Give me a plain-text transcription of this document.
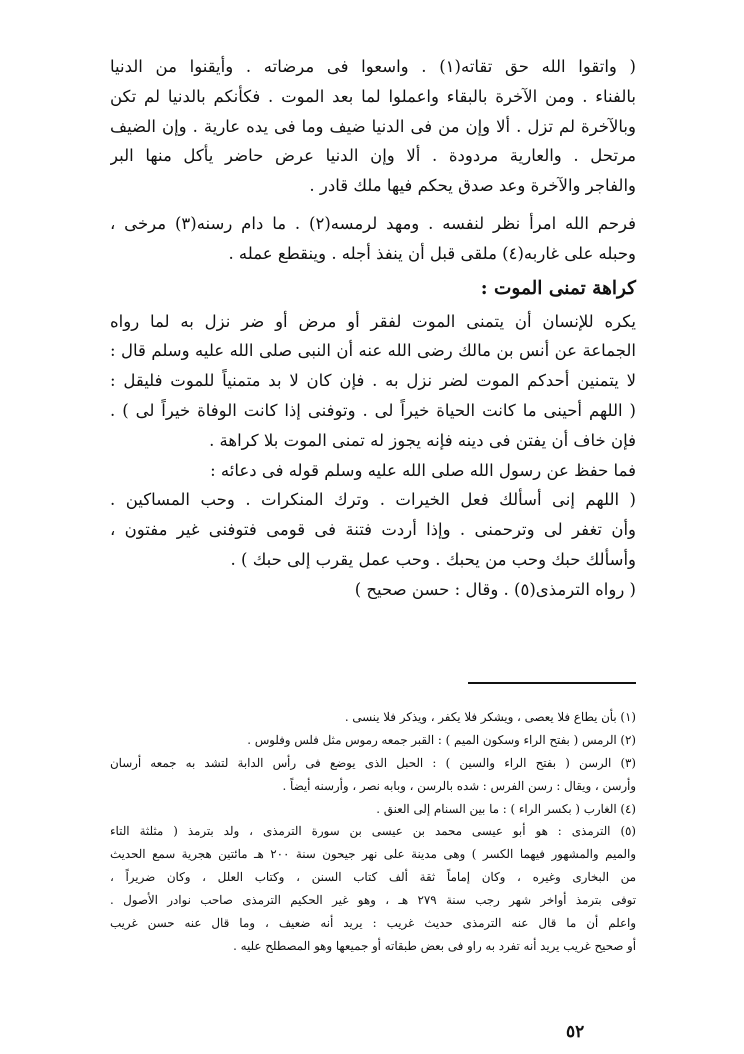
( واتقوا الله حق تقاته(١) . واسعوا فى مرضاته . وأيقنوا من الدنيا
بالفناء . ومن الآخرة بالبقاء واعملوا لما بعد الموت . فكأنكم بالدنيا لم تكن
وبالآخرة لم تزل . ألا وإن من فى الدنيا ضيف وما فى يده عارية . وإن الضيف
مرتحل . والعارية مردودة . ألا وإن الدنيا عرض حاضر يأكل منها البر
والفاجر والآخرة وعد صدق يحكم فيها ملك قادر .
فرحم الله امرأ نظر لنفسه . ومهد لرمسه(٢) . ما دام رسنه(٣) مرخى ،
وحبله على غاربه(٤) ملقى قبل أن ينفذ أجله . وينقطع عمله .
كراهة تمنى الموت :
يكره للإنسان أن يتمنى الموت لفقر أو مرض أو ضر نزل به لما رواه
الجماعة عن أنس بن مالك رضى الله عنه أن النبى صلى الله عليه وسلم قال :
لا يتمنين أحدكم الموت لضر نزل به . فإن كان لا بد متمنياً للموت فليقل :
( اللهم أحينى ما كانت الحياة خيراً لى . وتوفنى إذا كانت الوفاة خيراً لى ) .
فإن خاف أن يفتن فى دينه فإنه يجوز له تمنى الموت بلا كراهة .
فما حفظ عن رسول الله صلى الله عليه وسلم قوله فى دعائه :
( اللهم إنى أسألك فعل الخيرات . وترك المنكرات . وحب المساكين .
وأن تغفر لى وترحمنى . وإذا أردت فتنة فى قومى فتوفنى غير مفتون ،
وأسألك حبك وحب من يحبك . وحب عمل يقرب إلى حبك ) .
( رواه الترمذى(٥) . وقال : حسن صحيح )
(١) بأن يطاع فلا يعصى ، ويشكر فلا يكفر ، ويذكر فلا ينسى .
(٢) الرمس ( بفتح الراء وسكون الميم ) : القبر جمعه رموس مثل فلس وفلوس .
(٣) الرسن ( بفتح الراء والسين ) : الحبل الذى يوضع فى رأس الدابة لتشد به جمعه أرسان
وأرسن ، ويقال : رسن الفرس : شده بالرسن ، وبابه نصر ، وأرسنه أيضاً .
(٤) الغارب ( بكسر الراء ) : ما بين السنام إلى العنق .
(٥) الترمذى : هو أبو عيسى محمد بن عيسى بن سورة الترمذى ، ولد بترمذ ( مثلثة التاء
والميم والمشهور فيهما الكسر ) وهى مدينة على نهر جيحون سنة ٢٠٠ هـ مائتين هجرية سمع الحديث
من البخارى وغيره ، وكان إماماً ثقة ألف كتاب السنن ، وكتاب العلل ، وكان ضريراً ،
توفى بترمذ أواخر شهر رجب سنة ٢٧٩ هـ ، وهو غير الحكيم الترمذى صاحب نوادر الأصول .
واعلم أن ما قال عنه الترمذى حديث غريب : يريد أنه ضعيف ، وما قال عنه حسن غريب
أو صحيح غريب يريد أنه تفرد به راو فى بعض طبقاته أو جميعها وهو المصطلح عليه .
٥٢
